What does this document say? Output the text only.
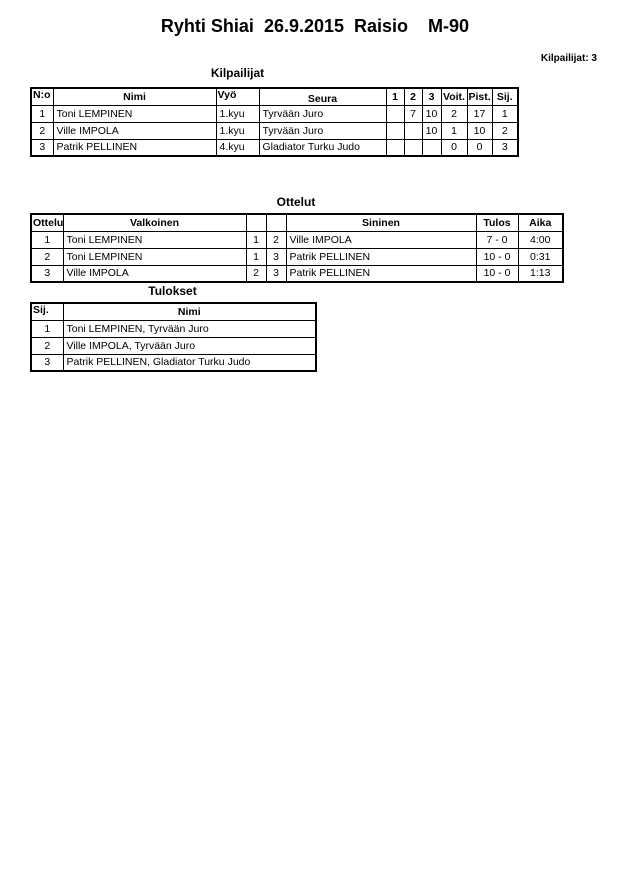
Ryhti Shiai  26.9.2015  Raisio    M-90
Kilpailijat: 3
Kilpailijat
N:o	Nimi	Vyö	Seura	1	2	3	Voit.	Pist.	Sij.
1	Toni LEMPINEN	1.kyu	Tyrvään Juro		7	10	2	17	1
2	Ville IMPOLA	1.kyu	Tyrvään Juro			10	1	10	2
3	Patrik PELLINEN	4.kyu	Gladiator Turku Judo				0	0	3
Ottelut
Ottelu	Valkoinen			Sininen	Tulos	Aika
1	Toni LEMPINEN	1	2	Ville IMPOLA	7 - 0	4:00
2	Toni LEMPINEN	1	3	Patrik PELLINEN	10 - 0	0:31
3	Ville IMPOLA	2	3	Patrik PELLINEN	10 - 0	1:13
Tulokset
Sij.	Nimi
1	Toni LEMPINEN, Tyrvään Juro
2	Ville IMPOLA, Tyrvään Juro
3	Patrik PELLINEN, Gladiator Turku Judo
